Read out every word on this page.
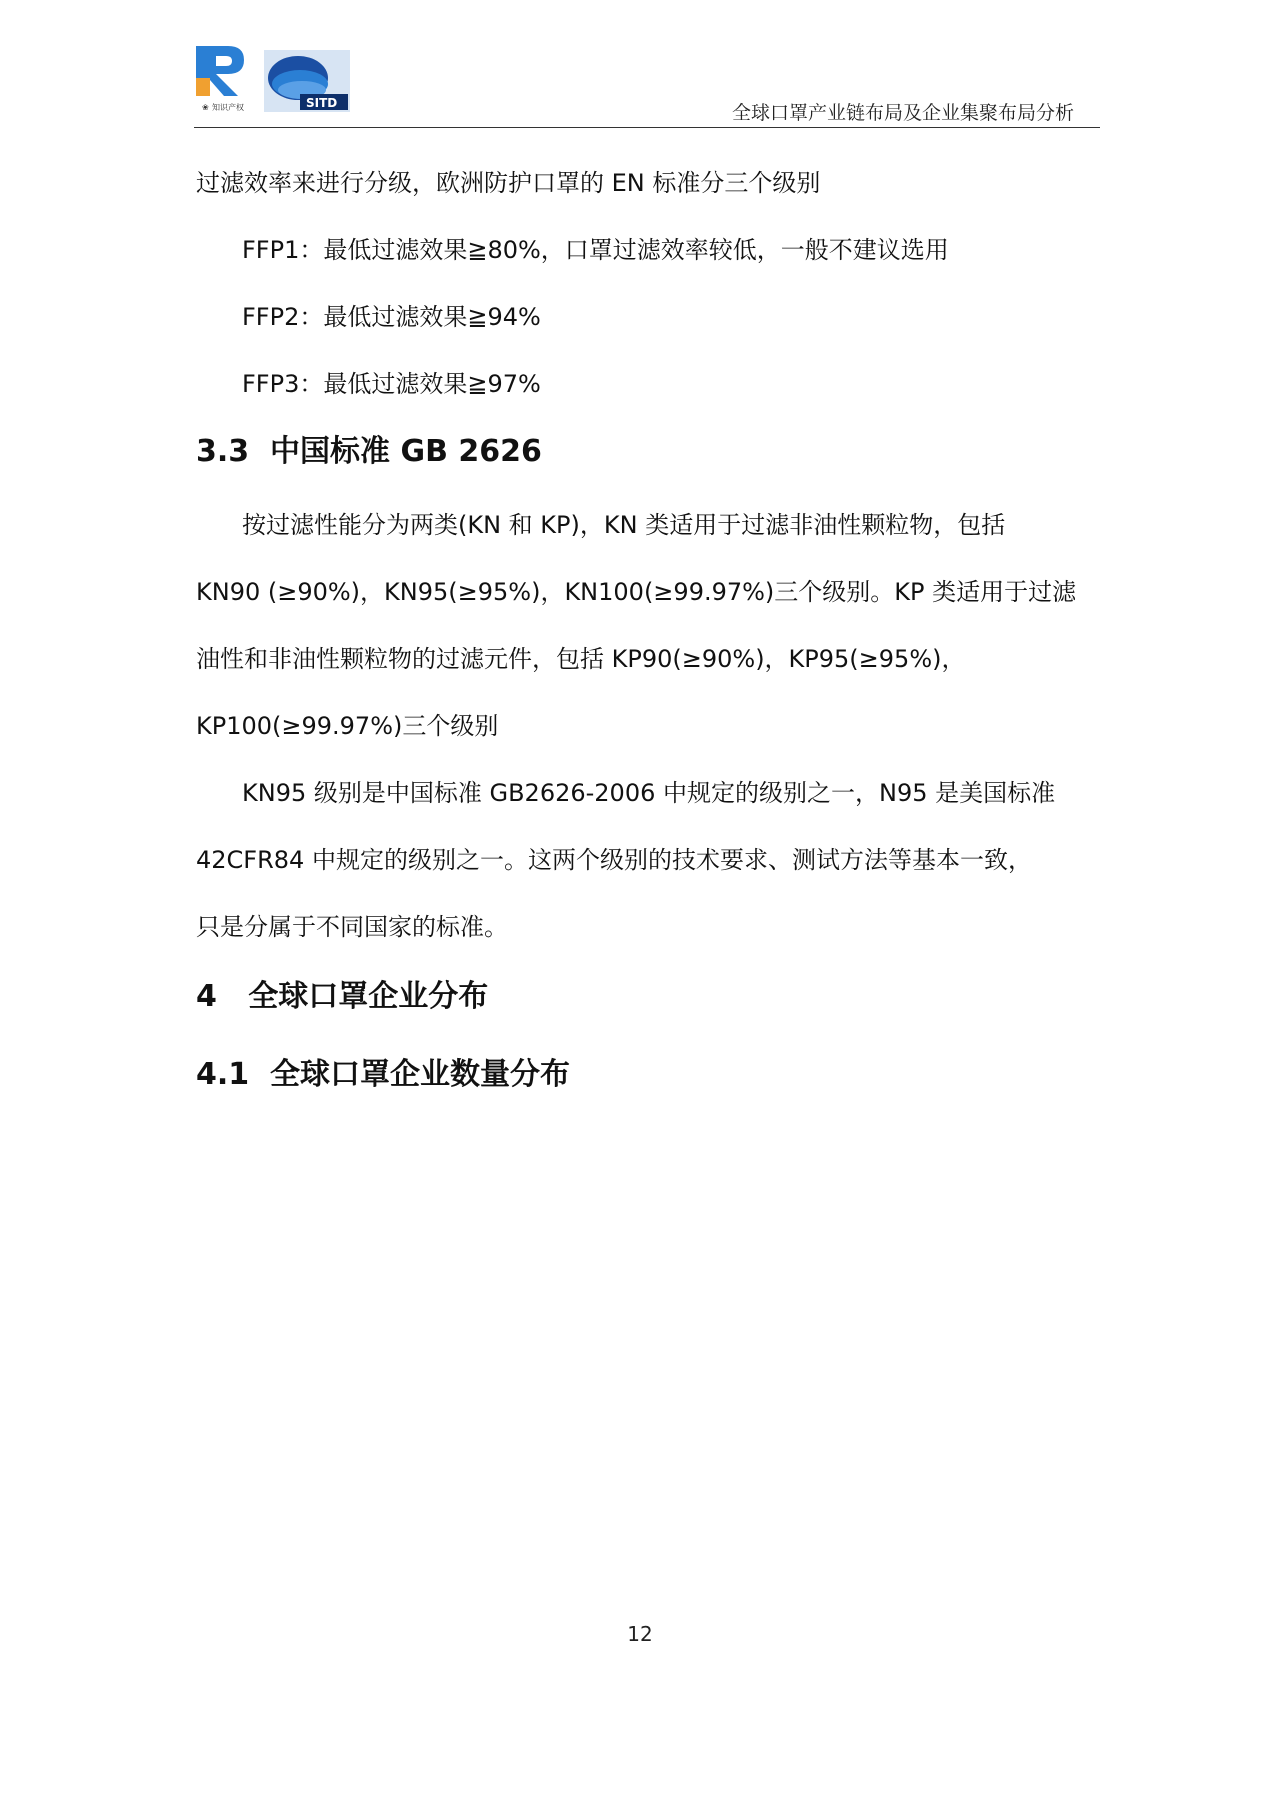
❀ 知识产权	SITD	全球口罩产业链布局及企业集聚布局分析

过滤效率来进行分级，欧洲防护口罩的 EN 标准分三个级别

FFP1：最低过滤效果≧80%，口罩过滤效率较低，一般不建议选用

FFP2：最低过滤效果≧94%

FFP3：最低过滤效果≧97%

3.3 中国标准 GB 2626

按过滤性能分为两类(KN 和 KP)，KN 类适用于过滤非油性颗粒物，包括

KN90 (≥90%)，KN95(≥95%)，KN100(≥99.97%)三个级别。KP 类适用于过滤

油性和非油性颗粒物的过滤元件，包括 KP90(≥90%)，KP95(≥95%)，

KP100(≥99.97%)三个级别

KN95 级别是中国标准 GB2626-2006 中规定的级别之一，N95 是美国标准

42CFR84 中规定的级别之一。这两个级别的技术要求、测试方法等基本一致，

只是分属于不同国家的标准。

4 全球口罩企业分布
4.1 全球口罩企业数量分布
12
